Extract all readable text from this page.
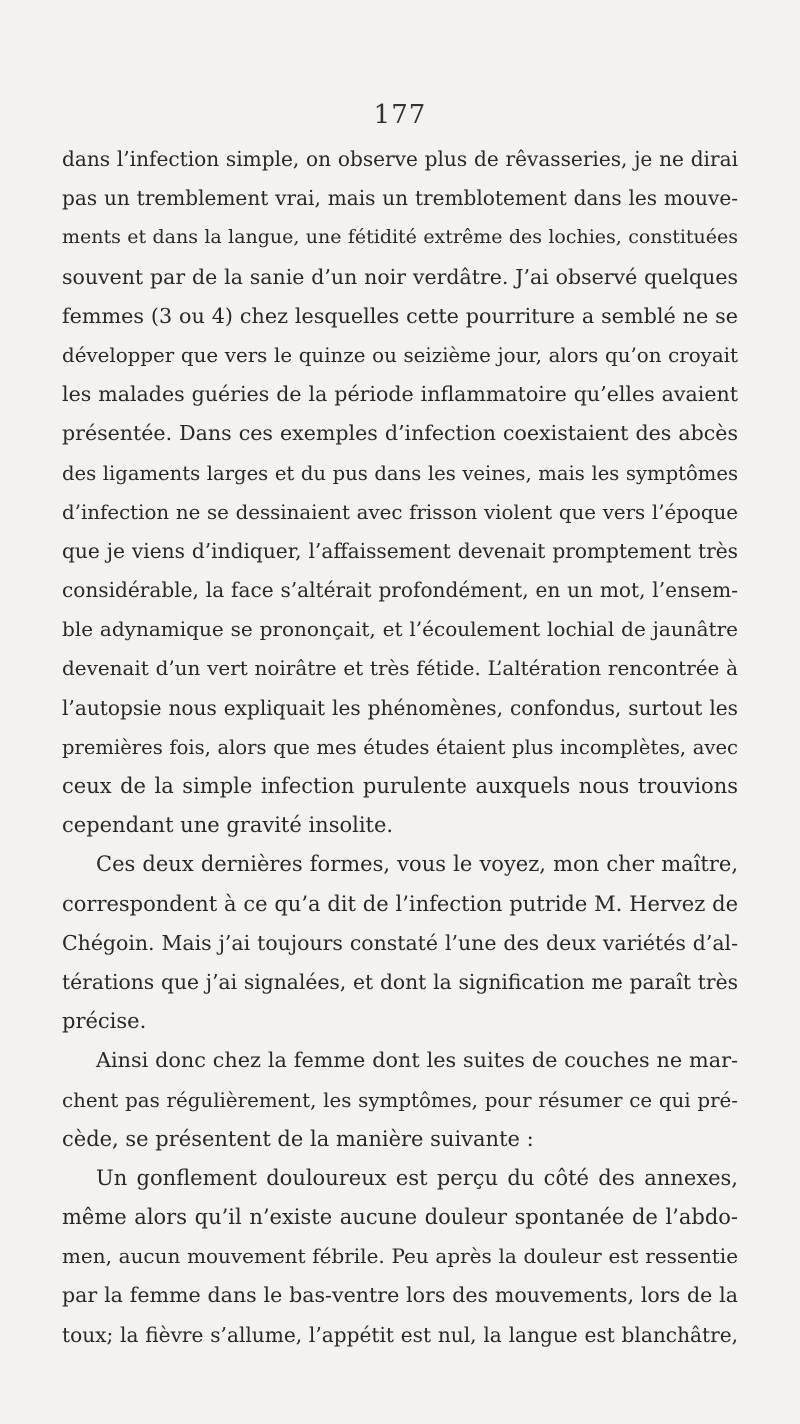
177
dans l’infection simple, on observe plus de rêvasseries, je ne dirai
pas un tremblement vrai, mais un tremblotement dans les mouve-
ments et dans la langue, une fétidité extrême des lochies, constituées
souvent par de la sanie d’un noir verdâtre. J’ai observé quelques
femmes (3 ou 4) chez lesquelles cette pourriture a semblé ne se
développer que vers le quinze ou seizième jour, alors qu’on croyait
les malades guéries de la période inflammatoire qu’elles avaient
présentée. Dans ces exemples d’infection coexistaient des abcès
des ligaments larges et du pus dans les veines, mais les symptômes
d’infection ne se dessinaient avec frisson violent que vers l’époque
que je viens d’indiquer, l’affaissement devenait promptement très
considérable, la face s’altérait profondément, en un mot, l’ensem-
ble adynamique se prononçait, et l’écoulement lochial de jaunâtre
devenait d’un vert noirâtre et très fétide. L’altération rencontrée à
l’autopsie nous expliquait les phénomènes, confondus, surtout les
premières fois, alors que mes études étaient plus incomplètes, avec
ceux de la simple infection purulente auxquels nous trouvions
cependant une gravité insolite.
Ces deux dernières formes, vous le voyez, mon cher maître,
correspondent à ce qu’a dit de l’infection putride M. Hervez de
Chégoin. Mais j’ai toujours constaté l’une des deux variétés d’al-
térations que j’ai signalées, et dont la signification me paraît très
précise.
Ainsi donc chez la femme dont les suites de couches ne mar-
chent pas régulièrement, les symptômes, pour résumer ce qui pré-
cède, se présentent de la manière suivante :
Un gonflement douloureux est perçu du côté des annexes,
même alors qu’il n’existe aucune douleur spontanée de l’abdo-
men, aucun mouvement fébrile. Peu après la douleur est ressentie
par la femme dans le bas-ventre lors des mouvements, lors de la
toux; la fièvre s’allume, l’appétit est nul, la langue est blanchâtre,
